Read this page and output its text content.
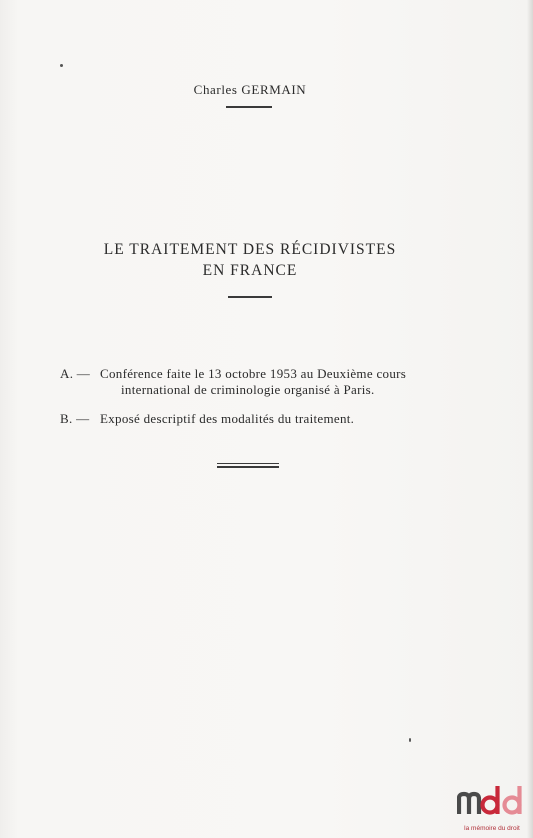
Charles GERMAIN
LE TRAITEMENT DES RÉCIDIVISTES
EN FRANCE
A. — Conférence faite le 13 octobre 1953 au Deuxième cours
international de criminologie organisé à Paris.
B. — Exposé descriptif des modalités du traitement.
la mémoire du droit
